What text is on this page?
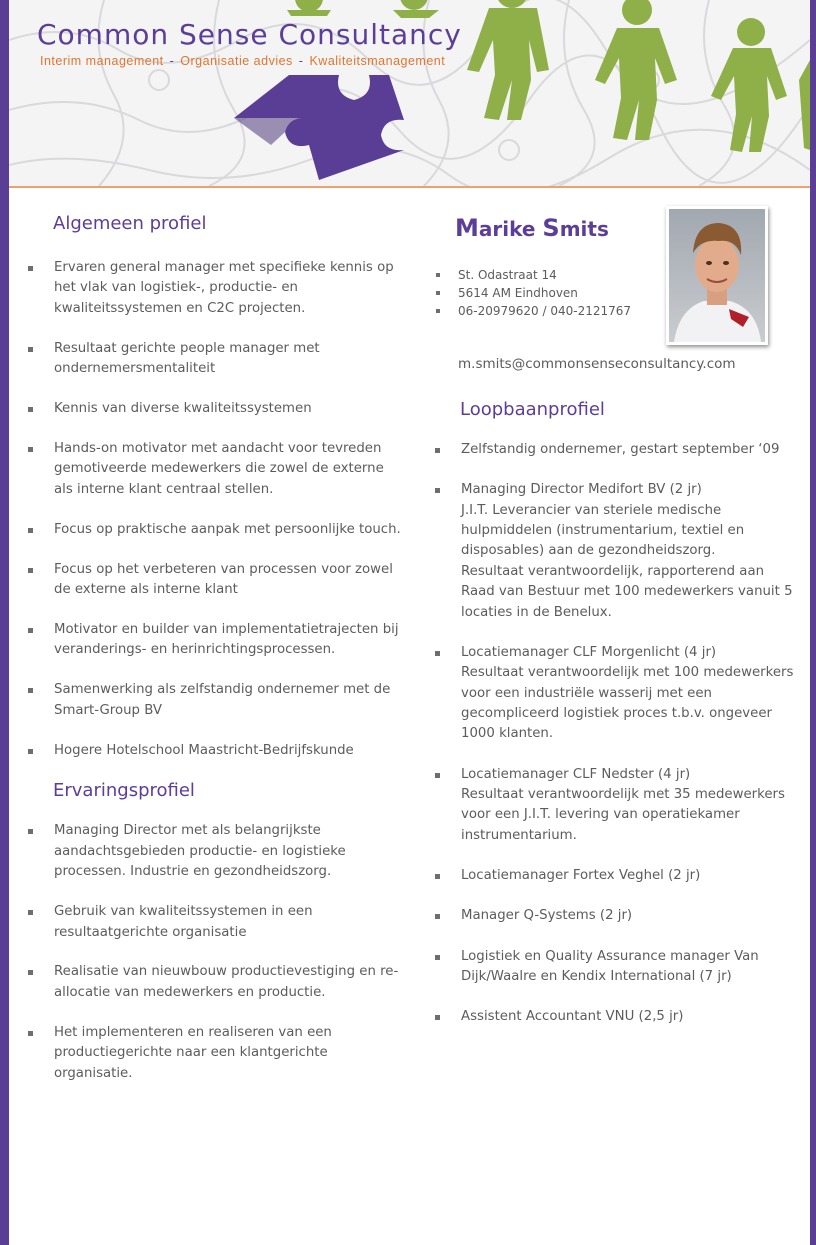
Common Sense Consultancy
Interim management - Organisatie advies - Kwaliteitsmanagement
Algemeen profiel
Ervaren general manager met specifieke kennis op het vlak van logistiek-, productie- en kwaliteitssystemen en C2C projecten.
Resultaat gerichte people manager met ondernemersmentaliteit
Kennis van diverse kwaliteitssystemen
Hands-on motivator met aandacht voor tevreden gemotiveerde medewerkers die zowel de externe als interne klant centraal stellen.
Focus op praktische aanpak met persoonlijke touch.
Focus op het verbeteren van processen voor zowel de externe als interne klant
Motivator en builder van implementatietrajecten bij veranderings- en herinrichtingsprocessen.
Samenwerking als zelfstandig ondernemer met de Smart-Group BV
Hogere Hotelschool Maastricht-Bedrijfskunde
Ervaringsprofiel
Managing Director met als belangrijkste aandachtsgebieden productie- en logistieke processen. Industrie en gezondheidszorg.
Gebruik van kwaliteitssystemen in een resultaatgerichte organisatie
Realisatie van nieuwbouw productievestiging en re-allocatie van medewerkers en productie.
Het implementeren en realiseren van een productiegerichte naar een klantgerichte organisatie.
Marike Smits
St. Odastraat 14
5614 AM Eindhoven
06-20979620 / 040-2121767
m.smits@commonsenseconsultancy.com
Loopbaanprofiel
Zelfstandig ondernemer, gestart september ‘09
Managing Director Medifort BV (2 jr)
J.I.T. Leverancier van steriele medische hulpmiddelen (instrumentarium, textiel en disposables) aan de gezondheidszorg.
Resultaat verantwoordelijk, rapporterend aan Raad van Bestuur met 100 medewerkers vanuit 5 locaties in de Benelux.
Locatiemanager CLF Morgenlicht (4 jr)
Resultaat verantwoordelijk met 100 medewerkers voor een industriële wasserij met een gecompliceerd logistiek proces t.b.v. ongeveer 1000 klanten.
Locatiemanager CLF Nedster (4 jr)
Resultaat verantwoordelijk met 35 medewerkers voor een J.I.T. levering van operatiekamer instrumentarium.
Locatiemanager Fortex Veghel (2 jr)
Manager Q-Systems (2 jr)
Logistiek en Quality Assurance manager Van Dijk/Waalre en Kendix International (7 jr)
Assistent Accountant VNU (2,5 jr)
